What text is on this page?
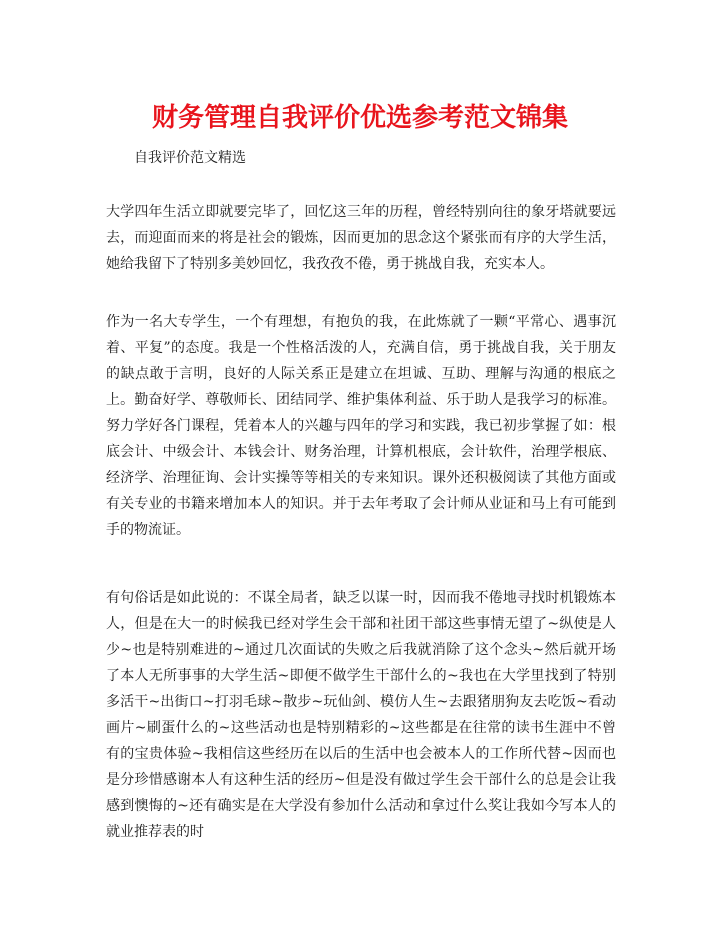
财务管理自我评价优选参考范文锦集

自我评价范文精选

大学四年生活立即就要完毕了，回忆这三年的历程，曾经特别向往的象牙塔就要远去，而迎面而来的将是社会的锻炼，因而更加的思念这个紧张而有序的大学生活，她给我留下了特别多美妙回忆，我孜孜不倦，勇于挑战自我，充实本人。

作为一名大专学生，一个有理想，有抱负的我，在此炼就了一颗“平常心、遇事沉着、平复”的态度。我是一个性格活泼的人，充满自信，勇于挑战自我，关于朋友的缺点敢于言明，良好的人际关系正是建立在坦诚、互助、理解与沟通的根底之上。勤奋好学、尊敬师长、团结同学、维护集体利益、乐于助人是我学习的标准。努力学好各门课程，凭着本人的兴趣与四年的学习和实践，我已初步掌握了如：根底会计、中级会计、本钱会计、财务治理，计算机根底，会计软件，治理学根底、经济学、治理征询、会计实操等等相关的专来知识。课外还积极阅读了其他方面或有关专业的书籍来增加本人的知识。并于去年考取了会计师从业证和马上有可能到手的物流证。

有句俗话是如此说的：不谋全局者，缺乏以谋一时，因而我不倦地寻找时机锻炼本人，但是在大一的时候我已经对学生会干部和社团干部这些事情无望了~纵使是人少~也是特别难进的~通过几次面试的失败之后我就消除了这个念头~然后就开场了本人无所事事的大学生活~即便不做学生干部什么的~我也在大学里找到了特别多活干~出街口~打羽毛球~散步~玩仙剑、模仿人生~去跟猪朋狗友去吃饭~看动画片~刷蛋什么的~这些活动也是特别精彩的~这些都是在往常的读书生涯中不曾有的宝贵体验~我相信这些经历在以后的生活中也会被本人的工作所代替~因而也是分珍惜感谢本人有这种生活的经历~但是没有做过学生会干部什么的总是会让我感到懊悔的~还有确实是在大学没有参加什么活动和拿过什么奖让我如今写本人的就业推荐表的时
